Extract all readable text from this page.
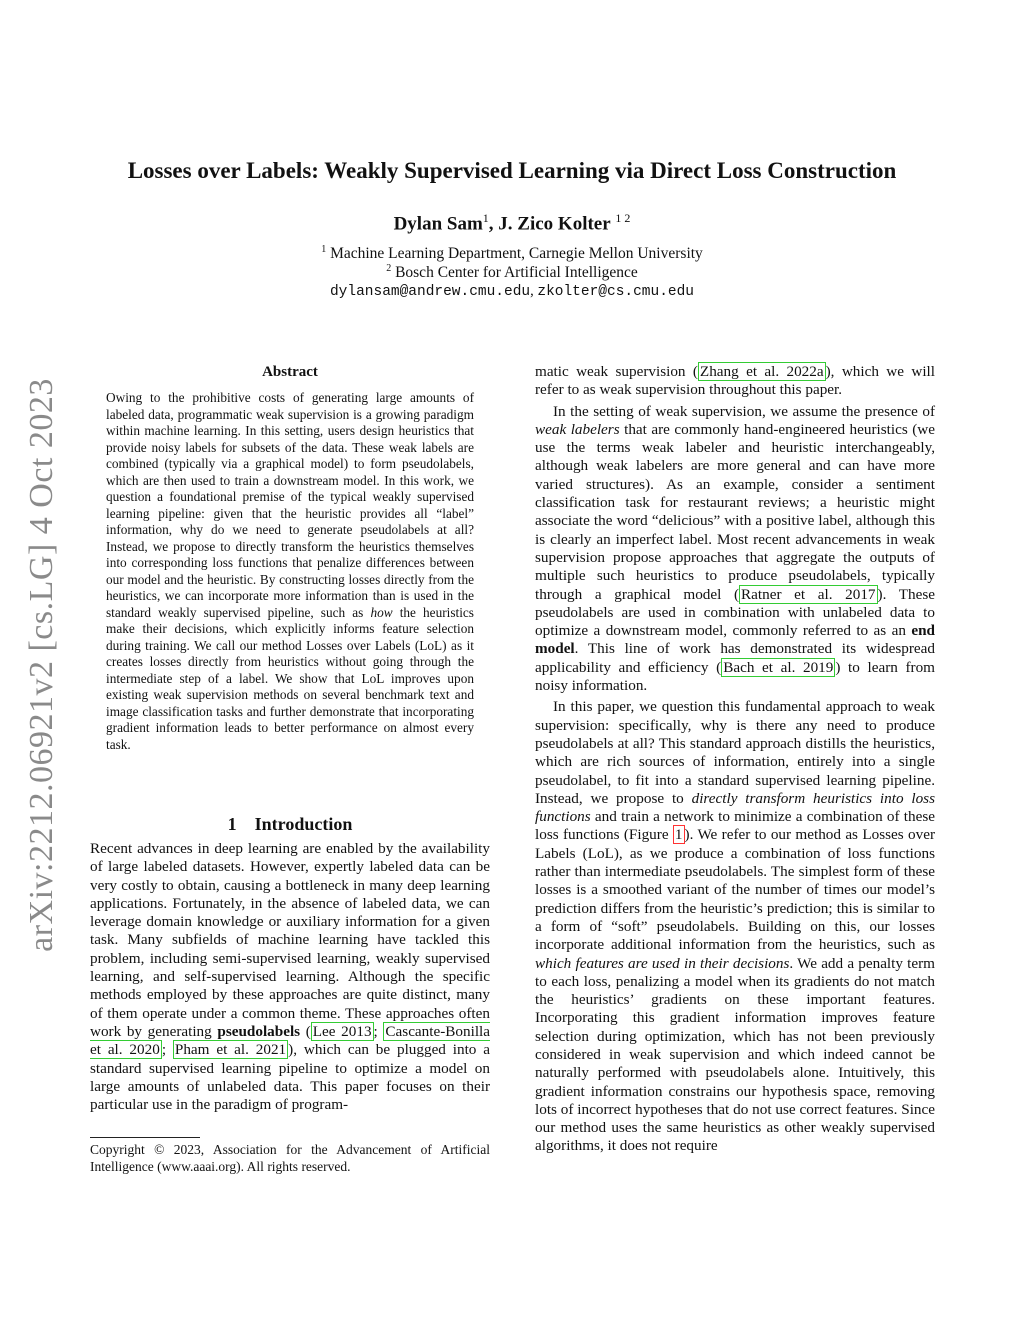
arXiv:2212.06921v2 [cs.LG] 4 Oct 2023
Losses over Labels: Weakly Supervised Learning via Direct Loss Construction
Dylan Sam$^1$, J. Zico Kolter $^{1 2}$
$^1$ Machine Learning Department, Carnegie Mellon University
$^2$ Bosch Center for Artificial Intelligence
dylansam@andrew.cmu.edu, zkolter@cs.cmu.edu
Abstract
Owing to the prohibitive costs of generating large amounts of labeled data, programmatic weak supervision is a growing paradigm within machine learning. In this setting, users design heuristics that provide noisy labels for subsets of the data. These weak labels are combined (typically via a graphical model) to form pseudolabels, which are then used to train a downstream model. In this work, we question a foundational premise of the typical weakly supervised learning pipeline: given that the heuristic provides all “label” information, why do we need to generate pseudolabels at all? Instead, we propose to directly transform the heuristics themselves into corresponding loss functions that penalize differences between our model and the heuristic. By constructing losses directly from the heuristics, we can incorporate more information than is used in the standard weakly supervised pipeline, such as how the heuristics make their decisions, which explicitly informs feature selection during training. We call our method Losses over Labels (LoL) as it creates losses directly from heuristics without going through the intermediate step of a label. We show that LoL improves upon existing weak supervision methods on several benchmark text and image classification tasks and further demonstrate that incorporating gradient information leads to better performance on almost every task.
1 Introduction

Recent advances in deep learning are enabled by the availability of large labeled datasets. However, expertly labeled data can be very costly to obtain, causing a bottleneck in many deep learning applications. Fortunately, in the absence of labeled data, we can leverage domain knowledge or auxiliary information for a given task. Many subfields of machine learning have tackled this problem, including semi-supervised learning, weakly supervised learning, and self-supervised learning. Although the specific methods employed by these approaches are quite distinct, many of them operate under a common theme. These approaches often work by generating pseudolabels ( Lee 2013 ; Cascante-Bonilla et al. 2020 ; Pham et al. 2021 ), which can be plugged into a standard supervised learning pipeline to optimize a model on large amounts of unlabeled data. This paper focuses on their particular use in the paradigm of program-

Copyright © 2023, Association for the Advancement of Artificial Intelligence (www.aaai.org). All rights reserved.

matic weak supervision ( Zhang et al. 2022a ), which we will refer to as weak supervision throughout this paper.

In the setting of weak supervision, we assume the presence of weak labelers that are commonly hand-engineered heuristics (we use the terms weak labeler and heuristic interchangeably, although weak labelers are more general and can have more varied structures). As an example, consider a sentiment classification task for restaurant reviews; a heuristic might associate the word “delicious” with a positive label, although this is clearly an imperfect label. Most recent advancements in weak supervision propose approaches that aggregate the outputs of multiple such heuristics to produce pseudolabels, typically through a graphical model ( Ratner et al. 2017 ). These pseudolabels are used in combination with unlabeled data to optimize a downstream model, commonly referred to as an end model. This line of work has demonstrated its widespread applicability and efficiency ( Bach et al. 2019 ) to learn from noisy information.

In this paper, we question this fundamental approach to weak supervision: specifically, why is there any need to produce pseudolabels at all? This standard approach distills the heuristics, which are rich sources of information, entirely into a single pseudolabel, to fit into a standard supervised learning pipeline. Instead, we propose to directly transform heuristics into loss functions and train a network to minimize a combination of these loss functions (Figure 1 ). We refer to our method as Losses over Labels (LoL), as we produce a combination of loss functions rather than intermediate pseudolabels. The simplest form of these losses is a smoothed variant of the number of times our model’s prediction differs from the heuristic’s prediction; this is similar to a form of “soft” pseudolabels. Building on this, our losses incorporate additional information from the heuristics, such as which features are used in their decisions. We add a penalty term to each loss, penalizing a model when its gradients do not match the heuristics’ gradients on these important features. Incorporating this gradient information improves feature selection during optimization, which has not been previously considered in weak supervision and which indeed cannot be naturally performed with pseudolabels alone. Intuitively, this gradient information constrains our hypothesis space, removing lots of incorrect hypotheses that do not use correct features. Since our method uses the same heuristics as other weakly supervised algorithms, it does not require
